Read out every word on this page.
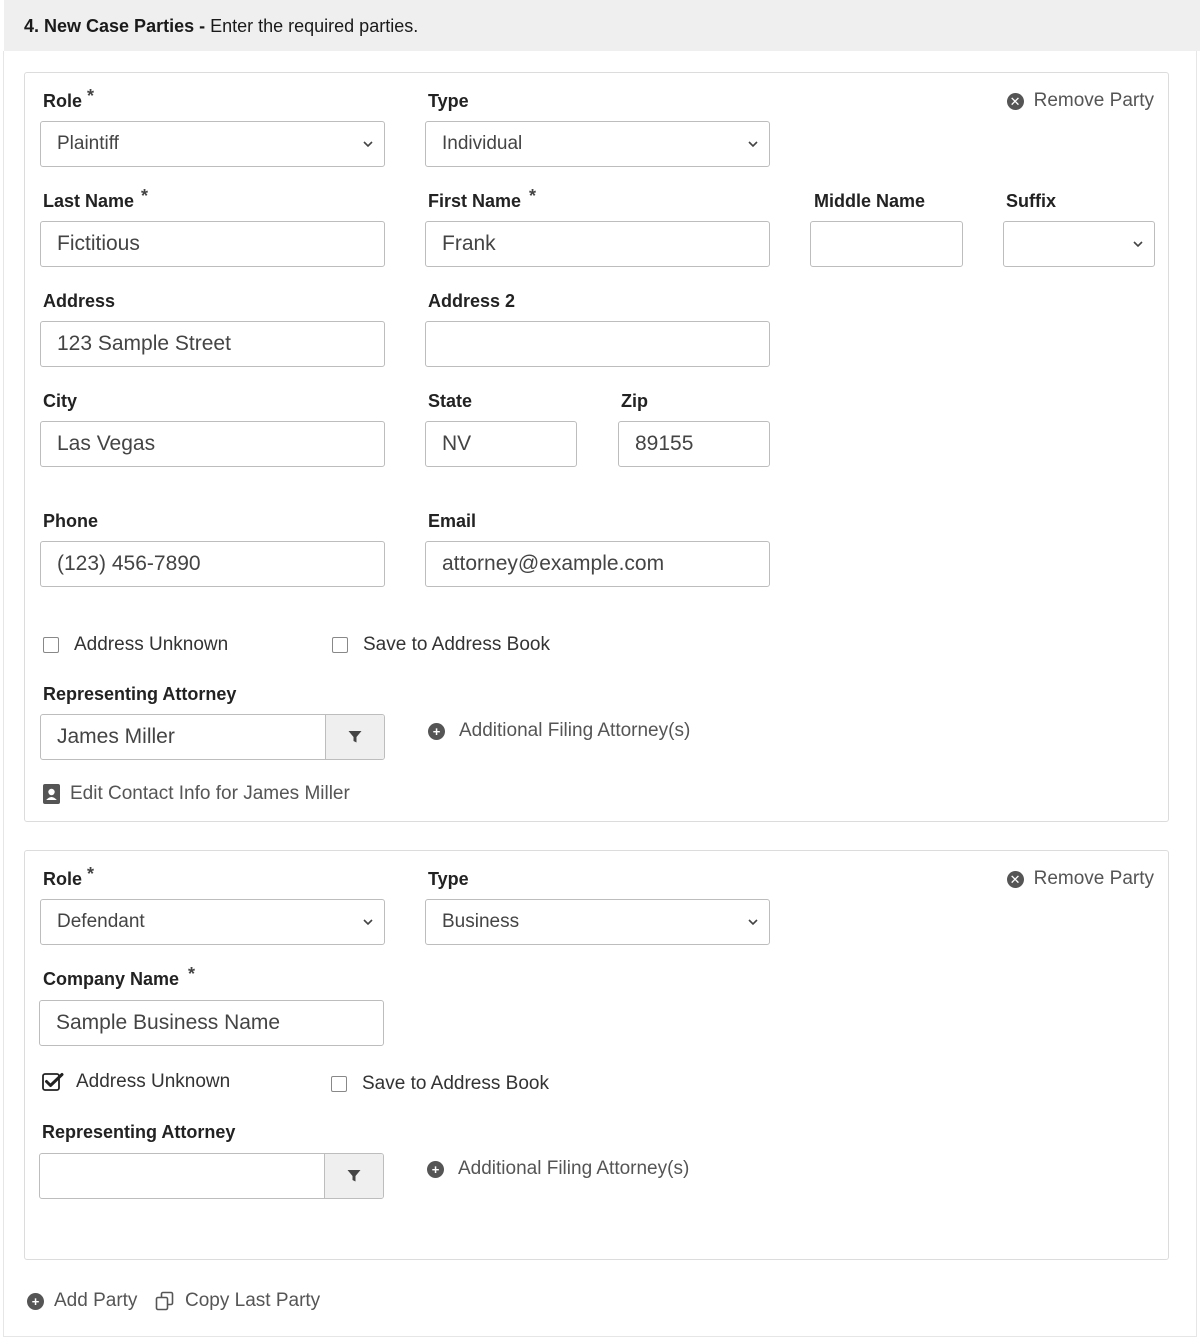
4. New Case Parties - Enter the required parties.
Role *	Type	✕ Remove Party
Plaintiff	Individual
Last Name *	First Name *	Middle Name	Suffix
Fictitious	Frank
Address	Address 2
123 Sample Street
City	State	Zip
Las Vegas	NV	89155
Phone	Email
(123) 456-7890	attorney@example.com
Address Unknown	Save to Address Book
Representing Attorney
James Miller	+ Additional Filing Attorney(s)
Edit Contact Info for James Miller
Role *	Type	✕ Remove Party
Defendant	Business
Company Name *
Sample Business Name
Address Unknown	Save to Address Book
Representing Attorney
+ Additional Filing Attorney(s)
+ Add Party	Copy Last Party
